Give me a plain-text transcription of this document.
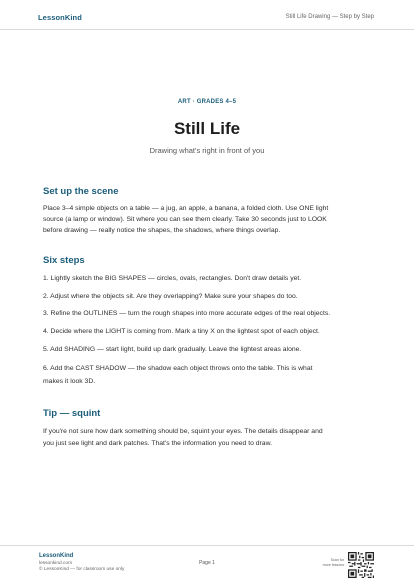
LessonKind	Still Life Drawing — Step by Step
ART · GRADES 4–5
Still Life
Drawing what's right in front of you
Set up the scene
Place 3–4 simple objects on a table — a jug, an apple, a banana, a folded cloth. Use ONE light
source (a lamp or window). Sit where you can see them clearly. Take 30 seconds just to LOOK
before drawing — really notice the shapes, the shadows, where things overlap.
Six steps
1. Lightly sketch the BIG SHAPES — circles, ovals, rectangles. Don't draw details yet.
2. Adjust where the objects sit. Are they overlapping? Make sure your shapes do too.
3. Refine the OUTLINES — turn the rough shapes into more accurate edges of the real objects.
4. Decide where the LIGHT is coming from. Mark a tiny X on the lightest spot of each object.
5. Add SHADING — start light, build up dark gradually. Leave the lightest areas alone.
6. Add the CAST SHADOW — the shadow each object throws onto the table. This is what
makes it look 3D.
Tip — squint
If you're not sure how dark something should be, squint your eyes. The details disappear and
you just see light and dark patches. That's the information you need to draw.
LessonKind
lessonkind.com
© LessonKind — for classroom use only
Page 1	Scan for
more lessons
